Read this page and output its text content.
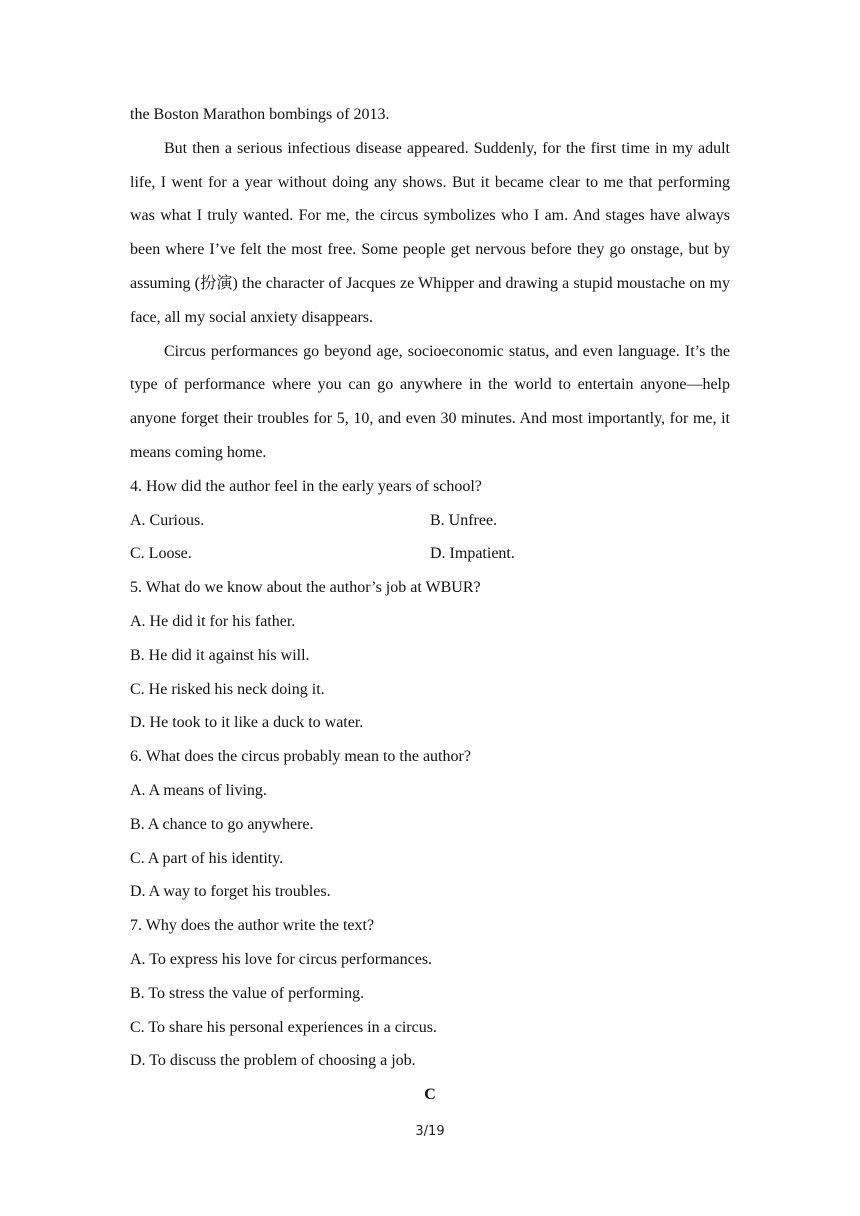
the Boston Marathon bombings of 2013.

But then a serious infectious disease appeared. Suddenly, for the first time in my adult life, I went for a year without doing any shows. But it became clear to me that performing was what I truly wanted. For me, the circus symbolizes who I am. And stages have always been where I’ve felt the most free. Some people get nervous before they go onstage, but by assuming (扮演) the character of Jacques ze Whipper and drawing a stupid moustache on my face, all my social anxiety disappears.

Circus performances go beyond age, socioeconomic status, and even language. It’s the type of performance where you can go anywhere in the world to entertain anyone—help anyone forget their troubles for 5, 10, and even 30 minutes. And most importantly, for me, it means coming home.

4. How did the author feel in the early years of school?
A. Curious.	B. Unfree.
C. Loose.	D. Impatient.
5. What do we know about the author’s job at WBUR?
A. He did it for his father.
B. He did it against his will.
C. He risked his neck doing it.
D. He took to it like a duck to water.
6. What does the circus probably mean to the author?
A. A means of living.
B. A chance to go anywhere.
C. A part of his identity.
D. A way to forget his troubles.
7. Why does the author write the text?
A. To express his love for circus performances.
B. To stress the value of performing.
C. To share his personal experiences in a circus.
D. To discuss the problem of choosing a job.
C
3/19
